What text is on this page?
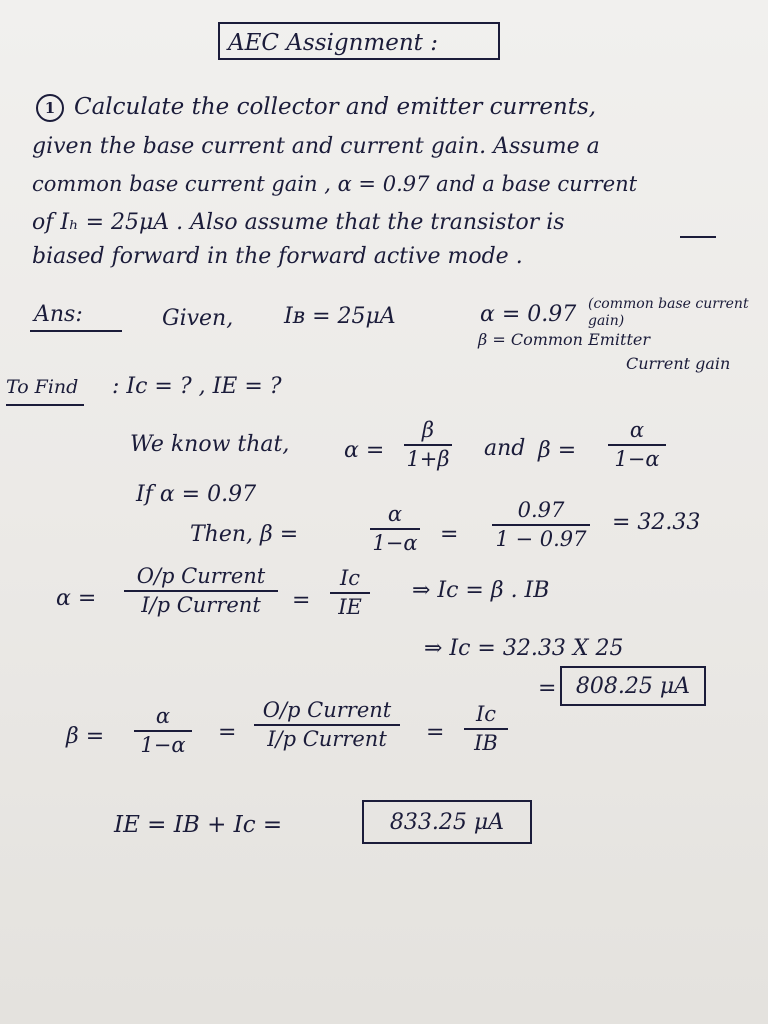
AEC Assignment :
1 Calculate the collector and emitter currents,
given the base current and current gain. Assume a
common base current gain , α = 0.97 and a base current
of Iₕ = 25μA . Also assume that the transistor is
biased forward in the forward active mode .
Ans:	Given, Iʙ = 25μA	α = 0.97 (common base current gain)
β = Common Emitter
Current gain
To Find : Ic = ? , IE = ?
We know that, α =
β
1+β and β =
α
1−α
If α = 0.97
Then, β =
α
1−α =
0.97
1 − 0.97
= 32.33
α =
O/p Current
I/p Current =
Ic
IE
⇒ Ic = β . IB
⇒ Ic = 32.33 X 25
= 808.25 μA
β =
α
1−α =
O/p Current
I/p Current =
Ic
IB
IE = IB + Ic =	833.25 μA
